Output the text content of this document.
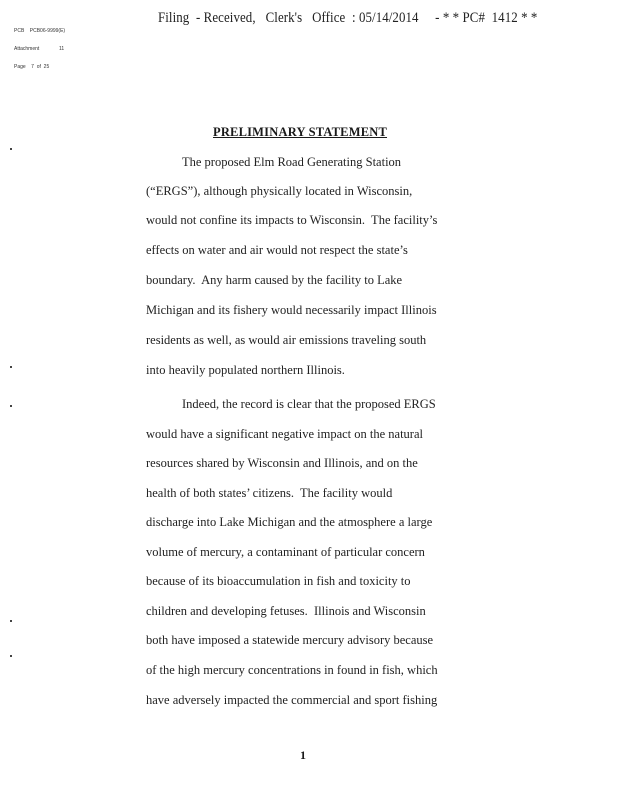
PCB PCB06-9999(E)

Attachment	11

Page 7  of  25

Filing  - Received,   Clerk's   Office  : 05/14/2014     - * * PC#  1412 * *
PRELIMINARY STATEMENT
The proposed Elm Road Generating Station
(“ERGS”), although physically located in Wisconsin,
would not confine its impacts to Wisconsin.  The facility’s
effects on water and air would not respect the state’s
boundary.  Any harm caused by the facility to Lake
Michigan and its fishery would necessarily impact Illinois
residents as well, as would air emissions traveling south
into heavily populated northern Illinois.
Indeed, the record is clear that the proposed ERGS
would have a significant negative impact on the natural
resources shared by Wisconsin and Illinois, and on the
health of both states’ citizens.  The facility would
discharge into Lake Michigan and the atmosphere a large
volume of mercury, a contaminant of particular concern
because of its bioaccumulation in fish and toxicity to
children and developing fetuses.  Illinois and Wisconsin
both have imposed a statewide mercury advisory because
of the high mercury concentrations in found in fish, which
have adversely impacted the commercial and sport fishing
1
